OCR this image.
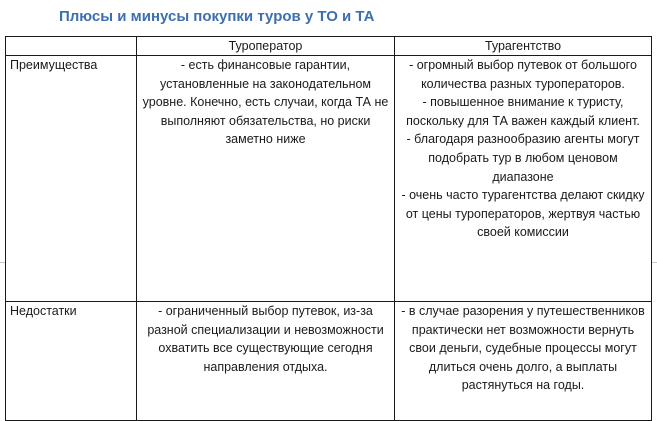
Плюсы и минусы покупки туров у ТО и ТА
	Туроператор	Турагентство
Преимущества	- есть финансовые гарантии, установленные на законодательном уровне. Конечно, есть случаи, когда ТА не выполняют обязательства, но риски заметно ниже	- огромный выбор путевок от большого количества разных туроператоров.
- повышенное внимание к туристу, поскольку для ТА важен каждый клиент.
- благодаря разнообразию агенты могут подобрать тур в любом ценовом диапазоне
- очень часто турагентства делают скидку от цены туроператоров, жертвуя частью своей комиссии

Недостатки	- ограниченный выбор путевок, из-за разной специализации и невозможности охватить все существующие сегодня направления отдыха.	- в случае разорения у путешественников практически нет возможности вернуть свои деньги, судебные процессы могут длиться очень долго, а выплаты растянуться на годы.
